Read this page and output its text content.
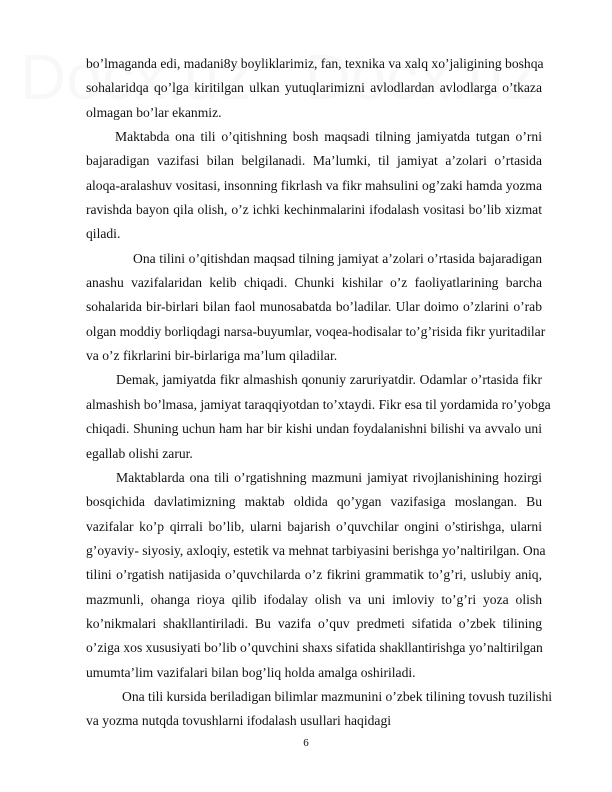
bo’lmaganda edi, madani8y boyliklarimiz, fan, texnika va xalq xo’jaligining boshqa
sohalaridqa qo’lga kiritilgan ulkan yutuqlarimizni avlodlardan avlodlarga o’tkaza
olmagan bo’lar ekanmiz.
Maktabda ona tili o’qitishning bosh maqsadi tilning jamiyatda tutgan o’rni
bajaradigan vazifasi bilan belgilanadi. Ma’lumki, til jamiyat a’zolari o’rtasida
aloqa-aralashuv vositasi, insonning fikrlash va fikr mahsulini og’zaki hamda yozma
ravishda bayon qila olish, o’z ichki kechinmalarini ifodalash vositasi bo’lib xizmat
qiladi.
Ona tilini o’qitishdan maqsad tilning jamiyat a’zolari o’rtasida bajaradigan
anashu vazifalaridan kelib chiqadi. Chunki kishilar o’z faoliyatlarining barcha
sohalarida bir-birlari bilan faol munosabatda bo’ladilar. Ular doimo o’zlarini o’rab
olgan moddiy borliqdagi narsa-buyumlar, voqea-hodisalar to’g’risida fikr yuritadilar
va o’z fikrlarini bir-birlariga ma’lum qiladilar.
Demak, jamiyatda fikr almashish qonuniy zaruriyatdir. Odamlar o’rtasida fikr
almashish bo’lmasa, jamiyat taraqqiyotdan to’xtaydi. Fikr esa til yordamida ro’yobga
chiqadi. Shuning uchun ham har bir kishi undan foydalanishni bilishi va avvalo uni
egallab olishi zarur.
Maktablarda ona tili o’rgatishning mazmuni jamiyat rivojlanishining hozirgi
bosqichida davlatimizning maktab oldida qo’ygan vazifasiga moslangan. Bu
vazifalar ko’p qirrali bo’lib, ularni bajarish o’quvchilar ongini o’stirishga, ularni
g’oyaviy- siyosiy, axloqiy, estetik va mehnat tarbiyasini berishga yo’naltirilgan. Ona
tilini o’rgatish natijasida o’quvchilarda o’z fikrini grammatik to’g’ri, uslubiy aniq,
mazmunli, ohanga rioya qilib ifodalay olish va uni imloviy to’g’ri yoza olish
ko’nikmalari shakllantiriladi. Bu vazifa o’quv predmeti sifatida o’zbek tilining
o’ziga xos xususiyati bo’lib o’quvchini shaxs sifatida shakllantirishga yo’naltirilgan
umumta’lim vazifalari bilan bog’liq holda amalga oshiriladi.
Ona tili kursida beriladigan bilimlar mazmunini o’zbek tilining tovush tuzilishi
va yozma nutqda tovushlarni ifodalash usullari haqidagi
6
